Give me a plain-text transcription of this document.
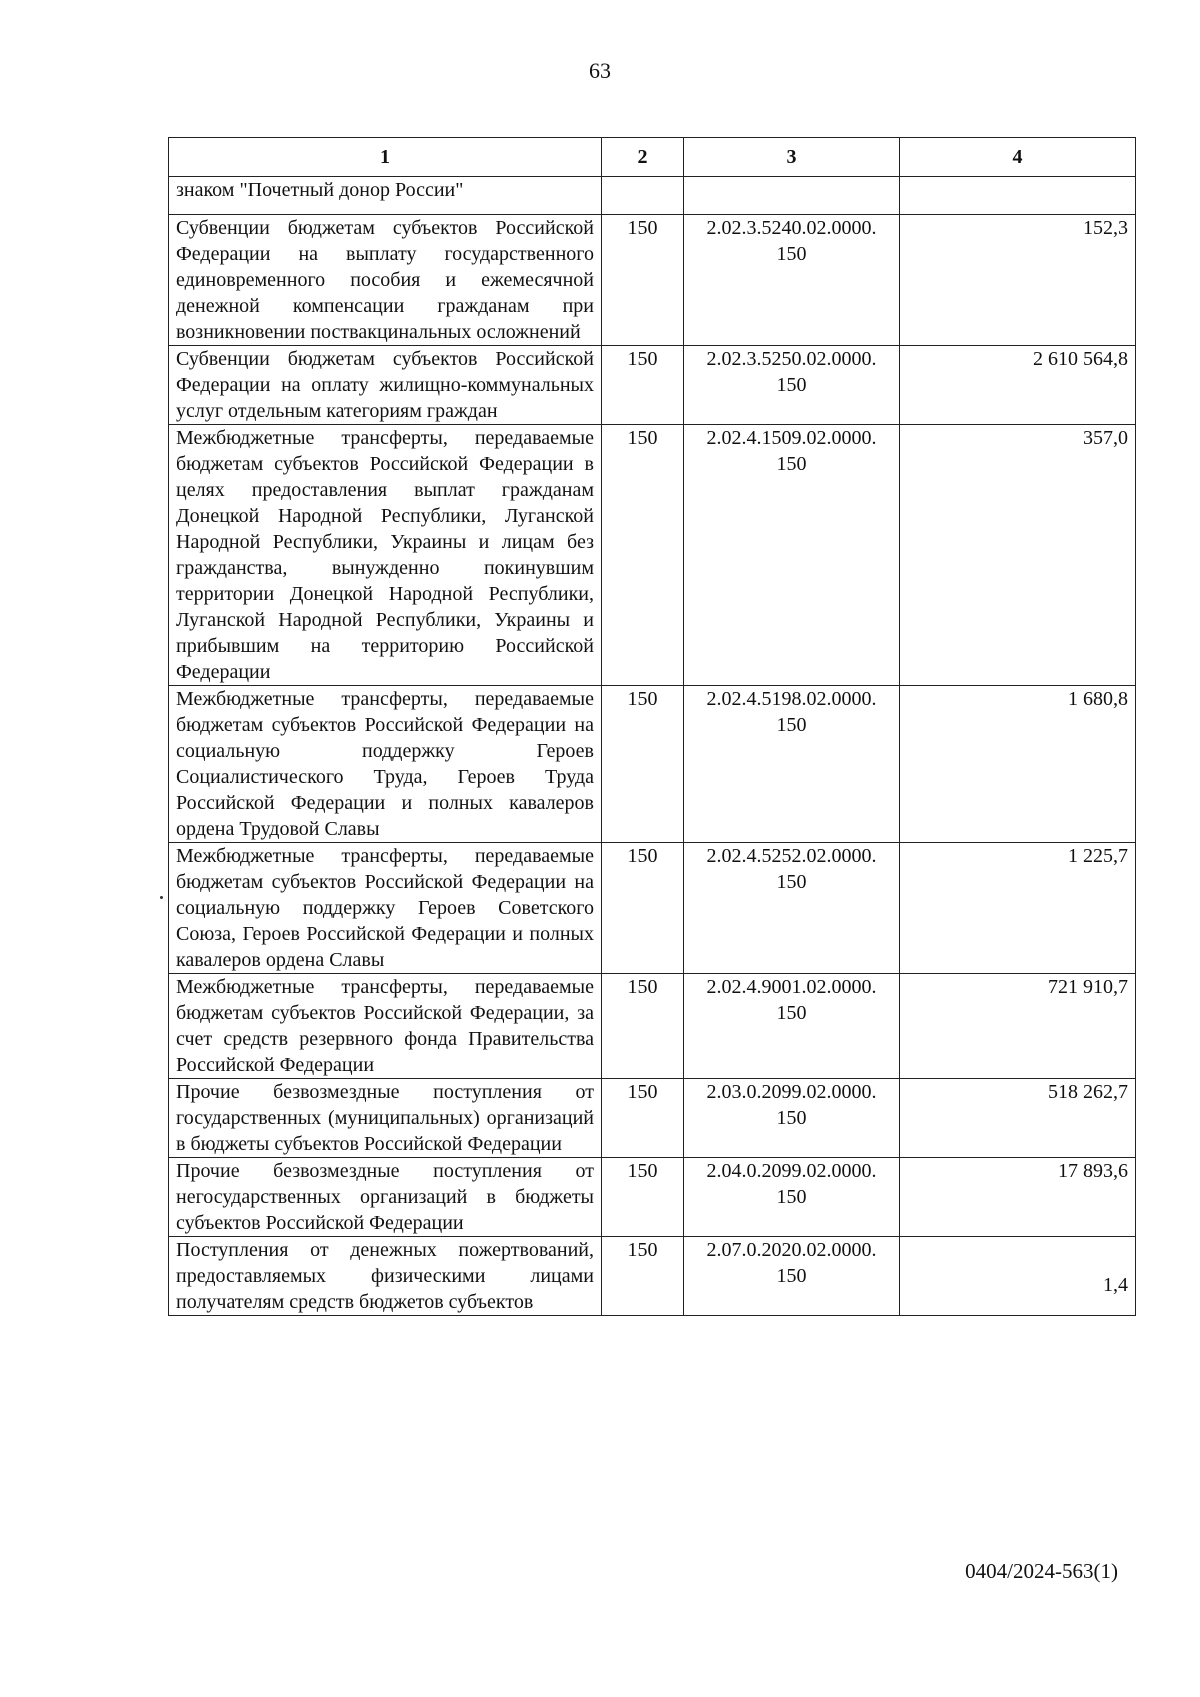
63
1	2	3	4
знаком "Почетный донор России"			
Субвенции бюджетам субъектов Российской Федерации на выплату государственного единовременного пособия и ежемесячной денежной компенсации гражданам при возникновении поствакцинальных осложнений	150	2.02.3.5240.02.0000. 150	152,3
Субвенции бюджетам субъектов Российской Федерации на оплату жилищно-коммунальных услуг отдельным категориям граждан	150	2.02.3.5250.02.0000. 150	2 610 564,8
Межбюджетные трансферты, передаваемые бюджетам субъектов Российской Федерации в целях предоставления выплат гражданам Донецкой Народной Республики, Луганской Народной Республики, Украины и лицам без гражданства, вынужденно покинувшим территории Донецкой Народной Республики, Луганской Народной Республики, Украины и прибывшим на территорию Российской Федерации	150	2.02.4.1509.02.0000. 150	357,0
Межбюджетные трансферты, передаваемые бюджетам субъектов Российской Федерации на социальную поддержку Героев Социалистического Труда, Героев Труда Российской Федерации и полных кавалеров ордена Трудовой Славы	150	2.02.4.5198.02.0000. 150	1 680,8
Межбюджетные трансферты, передаваемые бюджетам субъектов Российской Федерации на социальную поддержку Героев Советского Союза, Героев Российской Федерации и полных кавалеров ордена Славы	150	2.02.4.5252.02.0000. 150	1 225,7
Межбюджетные трансферты, передаваемые бюджетам субъектов Российской Федерации, за счет средств резервного фонда Правительства Российской Федерации	150	2.02.4.9001.02.0000. 150	721 910,7
Прочие безвозмездные поступления от государственных (муниципальных) организаций в бюджеты субъектов Российской Федерации	150	2.03.0.2099.02.0000. 150	518 262,7
Прочие безвозмездные поступления от негосударственных организаций в бюджеты субъектов Российской Федерации	150	2.04.0.2099.02.0000. 150	17 893,6
Поступления от денежных пожертвований, предоставляемых физическими лицами получателям средств бюджетов субъектов	150	2.07.0.2020.02.0000. 150	1,4
0404/2024-563(1)
